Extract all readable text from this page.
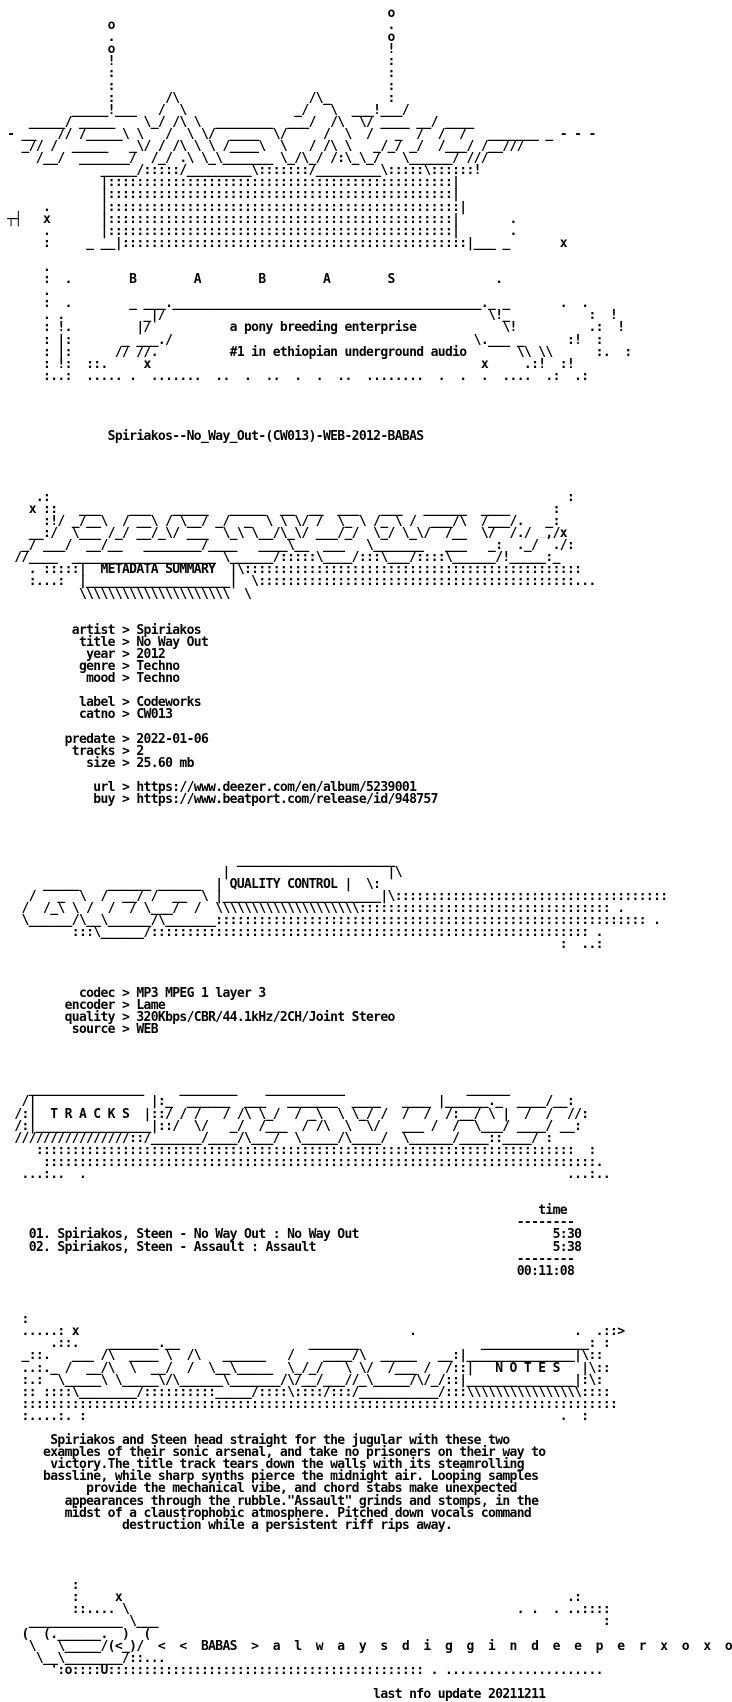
o
o                                      .
.                                      o
o                                      !
!                                      :
:                                      :
:                                      :
:       /\                  /\_        :
_____!___   /  \               _/   \  ___!___/
_____/ _____    \_/ /\ \  ________  ___/  /\  \/ ____ __/ ____
- __   // /_____\ \   /  \ \/  ____  \/     /  \  /   _  /  /  /   _______ _ - - -
_// /  _____   _\/ / /\ \ \ /____\  \   / /\ \   _/_/ _/  /___/ /__///
/__/  _______/  /_/ .\ \_\_______ \_/\_/ /:\_\_/   \______/ ///
_____/:::::/_________\:::::::/_________\:::::\::::::!
|::::::::::::::::::::::::::::::::::::::::::::::::|
|::::::::::::::::::::::::::::::::::::::::::::::::|
.       |:::::::::::::::::::::::::::::::::::::::::::::::::|
┬┤   x       |::::::::::::::::::::::::::::::::::::::::::::::::|       .
.       |::::::::::::::::::::::::::::::::::::::::::::::::|       .
:     _ __|::::::::::::::::::::::::::::::::::::::::::::::::|___ _       x

.
:  .        B        A        B        A        S              .
.
:  .        _ ___.___________________________________________._ _       .  .
. .           _|/                                             \!_           :  !
: !.         |/           a pony breeding enterprise            \!          .:  !
: |:       _ ___./                                          \.___ _      :!  :
: |:      // //.          #1 in ethiopian underground audio       \\ \\      :.  :
: !:  ::.     x                                              x     .:!  :!
:..:  ..... .  .......  ..  .  ..  .  .  ..  ........  .  .  .  ....  .:  .:

Spiriakos--No_Way_Out-(CW013)-WEB-2012-BABAS

.:                                                                        :
x ::   ___    ___   _____   _____  __  __  ___   ___   ______  ____      :
:!/ _/__\  / __\ / \__/ _/  _  \ \ \/ /  \_ \ /_ \ /  ___/\  /___/.   _:
__:/  \___ /_/ __/_\/ ___  \_\ \__/\_\/ ___/_/  \_/ \_\/  /__  \/  /./  ,/x
_/ ___/  __/__   ________/____   ____\__  ___   \_______   ___   _:  ._/  ./:
//____  ____________________ \______/:::::\____/:::\___/::::\______/!_____:_
. :::::|  METADATA SUMMARY  |\:::::::::::::::::::::::::::::::::::::::::::::::
:...:  |____________________|  \::::::::::::::::::::::::::::::::::::::::::::...
\\\\\\\\\\\\\\\\\\\\\  \

artist > Spiriakos
title > No Way Out
year > 2012
genre > Techno
mood > Techno

label > Codeworks
catno > CW013

predate > 2022-01-06
tracks > 2
size > 25.60 mb

url > https://www.deezer.com/en/album/5239001
buy > https://www.beatport.com/release/id/948757

______________________
|                      |\
_____    ______ ______  | QUALITY CONTROL |  \:
/   _  \  /  __/ /  __  \ |______________________|\::::::::::::::::::::::::::::::::::::::
/  /_\ \ /  /  / \___/  /  \\\\\\\\\\\\\\\\\\\\::::::::::::::::::::::::::::::::::: .
\______/\__\______/\_______:::::::::::::::::::::::::::::::::::::::::::::::::::::::::::: .
:::\______/::::::::::::::::::::::::::::::::::::::::::::::::::::::::::::: .
:  ..:

codec > MP3 MPEG 1 layer 3
encoder > Lame
quality > 320Kbps/CBR/44.1kHz/2CH/Joint Stereo
source > WEB

________________     ________    ___________                 ______
/|                |:_  ______  ___   _______  ____   ____ |______._  ____/__:
/:|  T R A C K S  |::/ / /   / /\ \_/  / _\  \ \_/ /  /  /  /:__/ \ |  /  /  //:
/:|________________|::/  \/   _/  /___  / /\  \  \/   ___ /  /  \___/ ____/ __:
////////////////::/_______/____/\___/  \_____/\____/  \______/____::____/ :
:::::::::::::::::::::::::::::::::::::::::::::::::::::::::::::::::::::::::::  :
:::::::::::::::::::::::::::::::::::::::::::::::::::::::::::::::::::::::::::::.
...:..  .                                                                   ...:..

time
--------
01. Spiriakos, Steen - No Way Out : No Way Out                           5:30
02. Spiriakos, Steen - Assault : Assault                                 5:38
--------
00:11:08

:
.....: x                                              .                      .  .::>
.::.    _______.__                  _______                 _______________: :
_::.   ___ /\  ____ \  /\   ______   /    ____/\  _____   __:|_______________|\::
..:._ /  __/\  \  __/  /  \__\_____  \_/_/   \ \/  /___ /  /::|   N O T E S   |\::
:.:  \_____\ \_____\/\______\_______/\/__/___//_\_____/\/_/::|_______________|:\:
:: ::::\________/::::::::::_____/::::\::::/:::/___________/:::\\\\\\\\\\\\\\\\::::
:::::::::::::::::::::::::::::::::::::::::::::::::::::::::::::::::::::::::::::::::::
:....:. :                                                                  .  :

Spiriakos and Steen head straight for the jugular with these two
examples of their sonic arsenal, and take no prisoners on their way to
victory.The title track tears down the walls with its steamrolling
bassline, while sharp synths pierce the midnight air. Looping samples
provide the mechanical vibe, and chord stabs make unexpected
appearances through the rubble."Assault" grinds and stomps, in the
midst of a claustrophobic atmosphere. Pitched down vocals command
destruction while a persistent riff rips away.

:
:     x                                                              .:
::.... \                                                      . .  . ..::::
_____________ \___                                                              :
(  (.______.  )  (
\   \_____/(<_)/  <  <  BABAS  >  a  l  w  a  y  s  d  i  g  g  i  n  d  e  e  p  e  r  x  o  x  o
\__\________/::...
':o::::U:::::::::::::::::::::::::::::::::::::::::::: . ......................

last nfo update 20211211
